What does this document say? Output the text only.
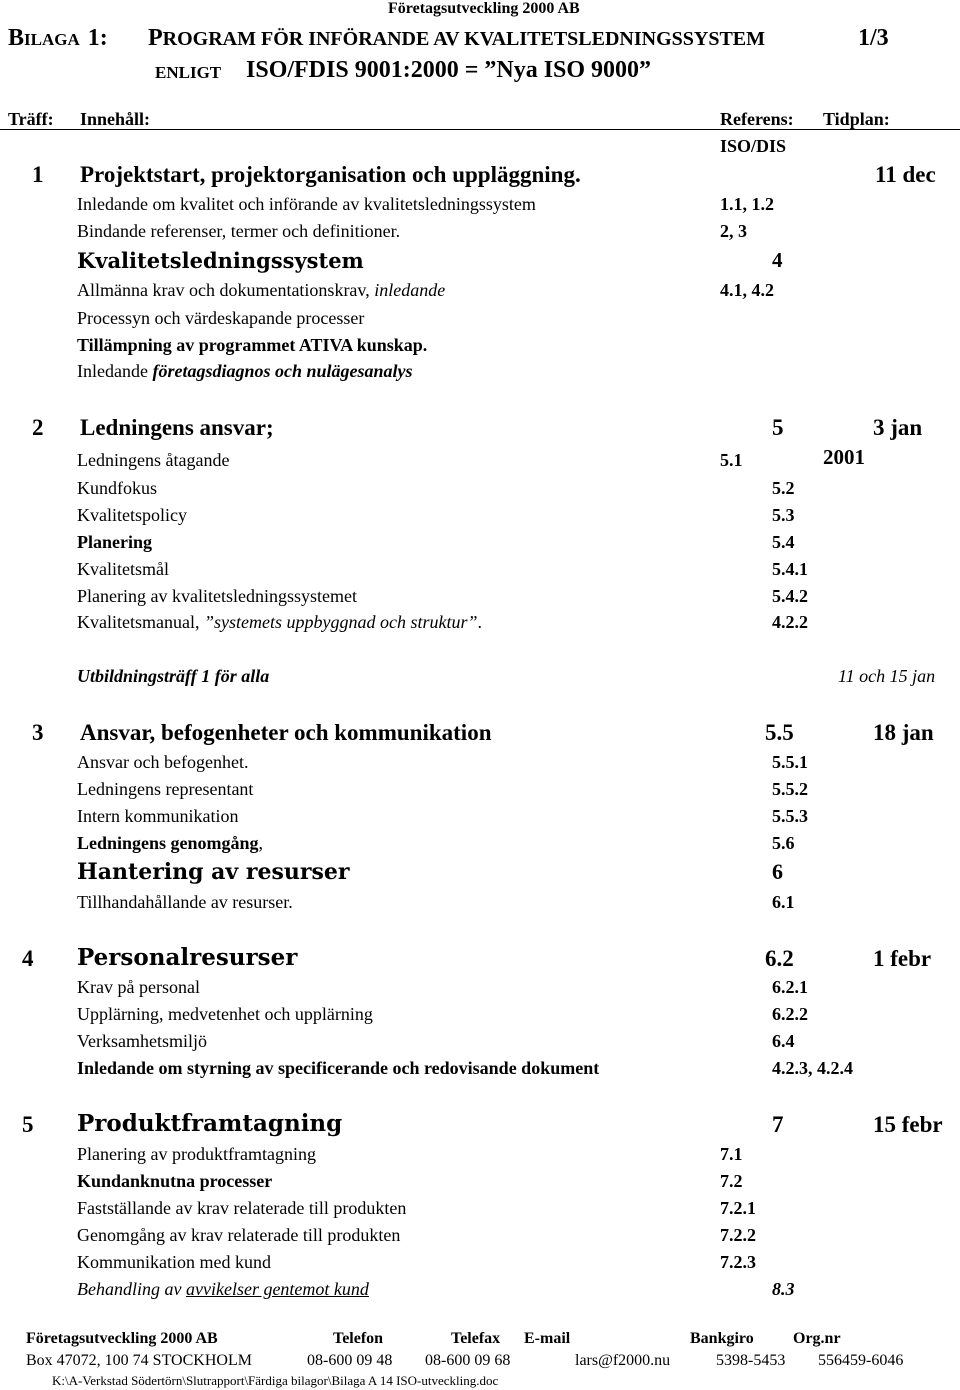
Företagsutveckling 2000 AB
BILAGA 1: PROGRAM FÖR INFÖRANDE AV KVALITETSLEDNINGSSYSTEM	1/3
ENLIGT ISO/FDIS 9001:2000 = ”Nya ISO 9000”
Träff: Innehåll:	Referens: Tidplan:
ISO/DIS
1 Projektstart, projektorganisation och uppläggning.	11 dec
Inledande om kvalitet och införande av kvalitetsledningssystem	1.1, 1.2
Bindande referenser, termer och definitioner.	2, 3
Kvalitetsledningssystem	4
Allmänna krav och dokumentationskrav, inledande	4.1, 4.2
Processyn och värdeskapande processer
Tillämpning av programmet ATIVA kunskap.
Inledande företagsdiagnos och nulägesanalys
2 Ledningens ansvar;	5	3 jan
Ledningens åtagande	5.1	2001
Kundfokus	5.2
Kvalitetspolicy	5.3
Planering	5.4
Kvalitetsmål	5.4.1
Planering av kvalitetsledningssystemet	5.4.2
Kvalitetsmanual, ”systemets uppbyggnad och struktur”.	4.2.2
Utbildningsträff 1 för alla	11 och 15 jan
3 Ansvar, befogenheter och kommunikation	5.5	18 jan
Ansvar och befogenhet.	5.5.1
Ledningens representant	5.5.2
Intern kommunikation	5.5.3
Ledningens genomgång,	5.6
Hantering av resurser	6
Tillhandahållande av resurser.	6.1
4 Personalresurser	6.2	1 febr
Krav på personal	6.2.1
Upplärning, medvetenhet och upplärning	6.2.2
Verksamhetsmiljö	6.4
Inledande om styrning av specificerande och redovisande dokument	4.2.3, 4.2.4
5 Produktframtagning	7	15 febr
Planering av produktframtagning	7.1
Kundanknutna processer	7.2
Fastställande av krav relaterade till produkten	7.2.1
Genomgång av krav relaterade till produkten	7.2.2
Kommunikation med kund	7.2.3
Behandling av avvikelser gentemot kund	8.3
Företagsutveckling 2000 AB	Telefon	Telefax E-mail	Bankgiro Org.nr
Box 47072, 100 74 STOCKHOLM	08-600 09 48 08-600 09 68	lars@f2000.nu	5398-5453 556459-6046
K:\A-Verkstad Södertörn\Slutrapport\Färdiga bilagor\Bilaga A 14 ISO-utveckling.doc
